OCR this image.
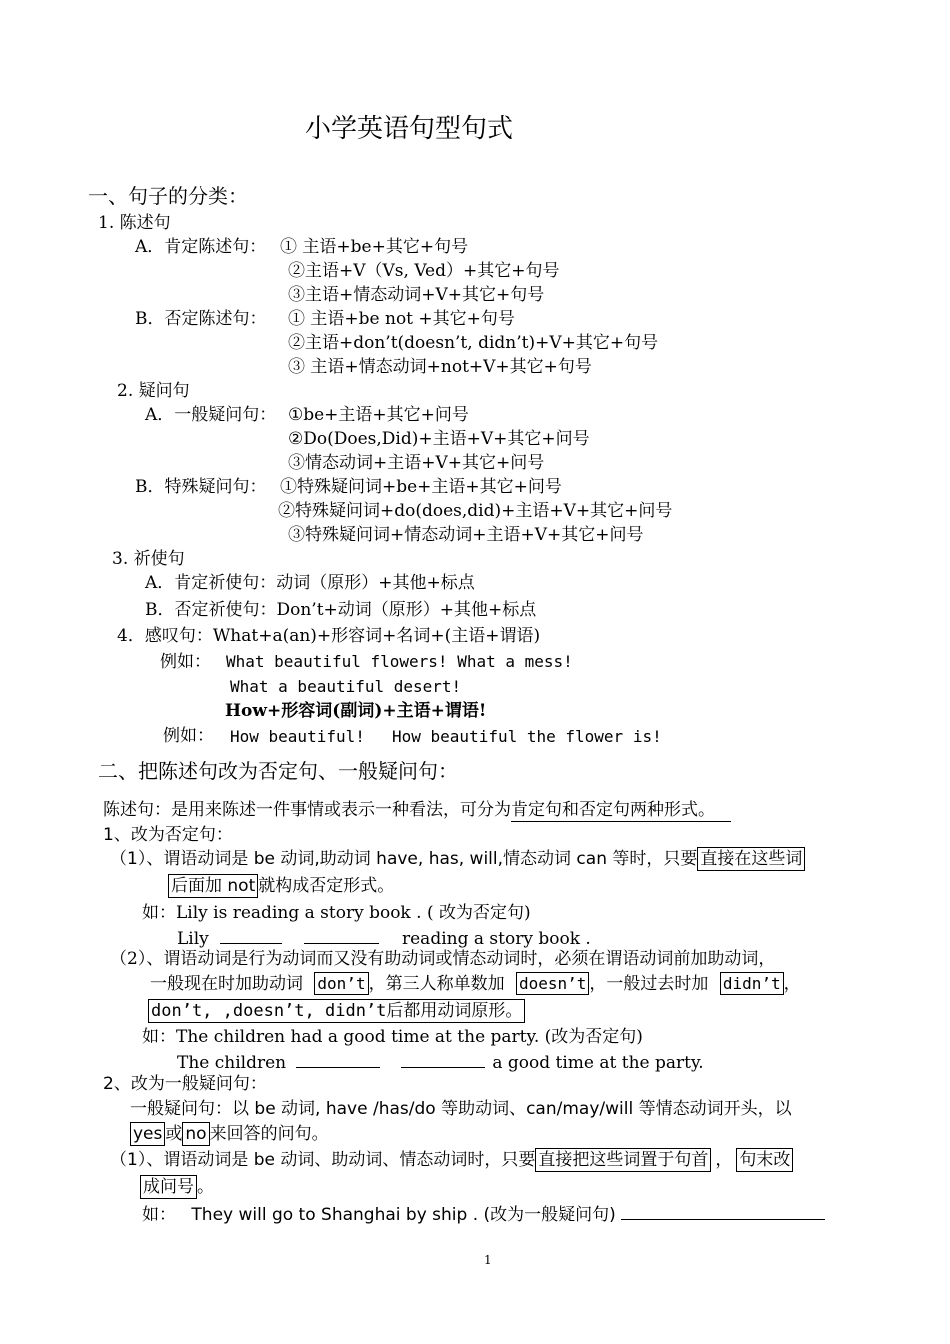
小学英语句型句式
一、句子的分类：
1. 陈述句
A．肯定陈述句： ① 主语+be+其它+句号
②主语+V（Vs, Ved）+其它+句号
③主语+情态动词+V+其它+句号
B．否定陈述句： ① 主语+be not +其它+句号
②主语+don’t(doesn’t, didn’t)+V+其它+句号
③ 主语+情态动词+not+V+其它+句号
2. 疑问句
A．一般疑问句： ①be+主语+其它+问号
②Do(Does,Did)+主语+V+其它+问号
③情态动词+主语+V+其它+问号
B．特殊疑问句： ①特殊疑问词+be+主语+其它+问号
②特殊疑问词+do(does,did)+主语+V+其它+问号
③特殊疑问词+情态动词+主语+V+其它+问号
3. 祈使句
A．肯定祈使句：动词（原形）+其他+标点
B．否定祈使句：Don’t+动词（原形）+其他+标点
4．感叹句：What+a(an)+形容词+名词+(主语+谓语)
例如： What beautiful flowers! What a mess!
What a beautiful desert!
How+形容词(副词)+主语+谓语!
例如： How beautiful! How beautiful the flower is!
二、把陈述句改为否定句、一般疑问句：
陈述句：是用来陈述一件事情或表示一种看法，可分为肯定句和否定句两种形式。
1、改为否定句：
（1）、谓语动词是 be 动词,助动词 have, has, will,情态动词 can 等时，只要 直接在这些词
后面加 not 就构成否定形式。
如：Lily is reading a story book . ( 改为否定句)
Lily	reading a story book .
（2）、谓语动词是行为动词而又没有助动词或情态动词时，必须在谓语动词前加助动词，
一般现在时加助动词 don’t ，第三人称单数加 doesn’t ，一般过去时加 didn’t ，
don’t, ,doesn’t, didn’t后都用动词原形。
如：The children had a good time at the party. (改为否定句)
The children	a good time at the party.
2、改为一般疑问句：
一般疑问句：以 be 动词, have /has/do 等助动词、can/may/will 等情态动词开头，以
yes 或 no 来回答的问句。
（1）、谓语动词是 be 动词、助动词、情态动词时，只要 直接把这些词置于句首 ， 句末改
成问号 。
如： They will go to Shanghai by ship . (改为一般疑问句)
1
